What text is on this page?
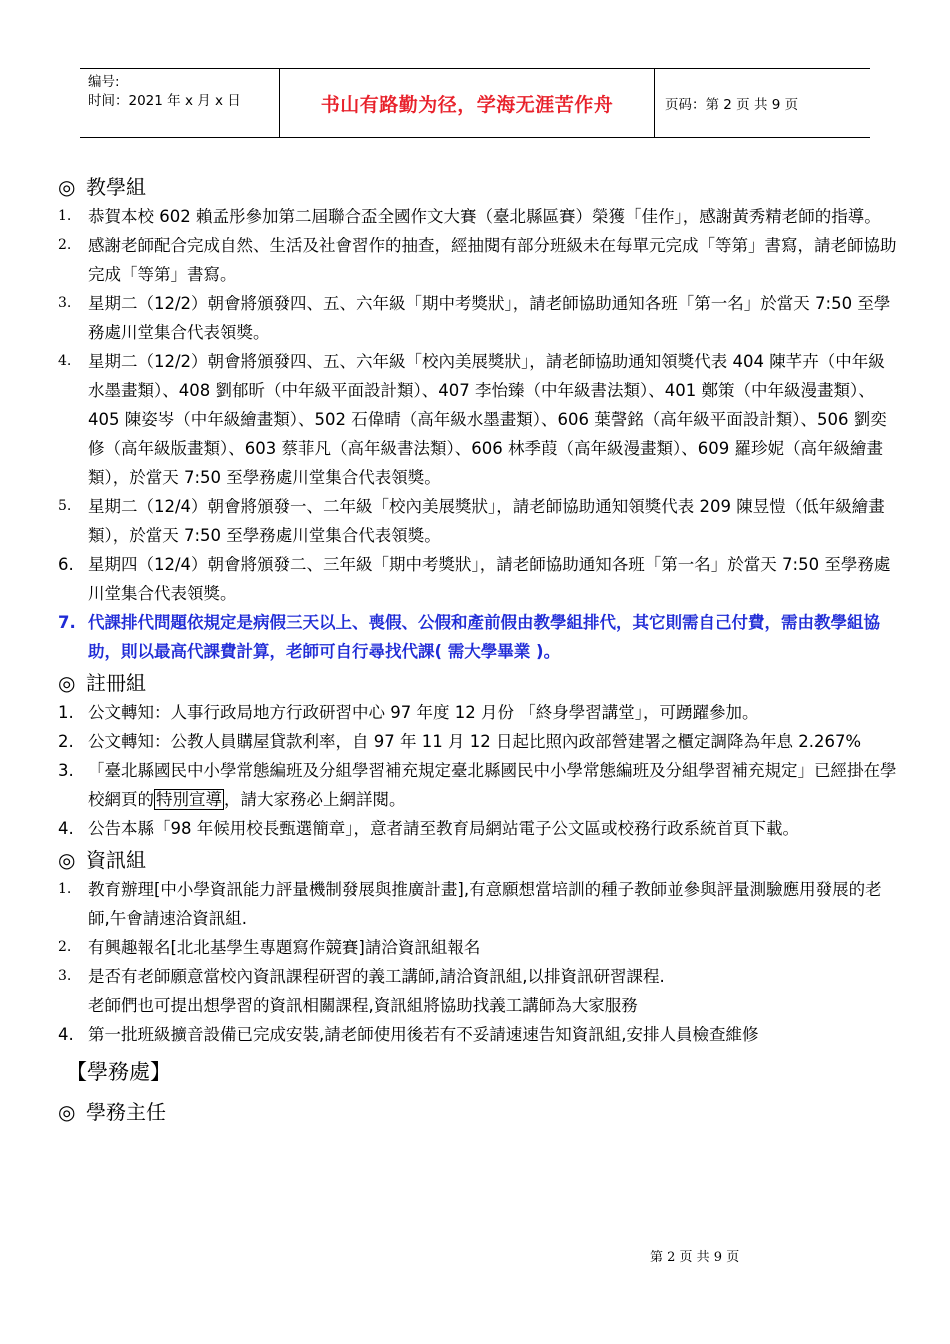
编号:
时间：2021 年 x 月 x 日	书山有路勤为径，学海无涯苦作舟	页码：第 2 页 共 9 页
◎ 教學組
1.	恭賀本校 602 賴孟彤參加第二屆聯合盃全國作文大賽（臺北縣區賽）榮獲「佳作」，感謝黃秀精老師的指導。
2.	感謝老師配合完成自然、生活及社會習作的抽查，經抽閱有部分班級未在每單元完成「等第」書寫，請老師協助完成「等第」書寫。
3.	星期二（12/2）朝會將頒發四、五、六年級「期中考獎狀」，請老師協助通知各班「第一名」於當天 7:50 至學務處川堂集合代表領獎。
4.	星期二（12/2）朝會將頒發四、五、六年級「校內美展獎狀」，請老師協助通知領獎代表 404 陳芊卉（中年級水墨畫類）、408 劉郁昕（中年級平面設計類）、407 李怡臻（中年級書法類）、401 鄭策（中年級漫畫類）、405 陳姿岑（中年級繪畫類）、502 石偉晴（高年級水墨畫類）、606 葉謦銘（高年級平面設計類）、506 劉奕修（高年級版畫類）、603 蔡菲凡（高年級書法類）、606 林季葭（高年級漫畫類）、609 羅珍妮（高年級繪畫類），於當天 7:50 至學務處川堂集合代表領獎。
5.	星期二（12/4）朝會將頒發一、二年級「校內美展獎狀」，請老師協助通知領獎代表 209 陳昱愷（低年級繪畫類），於當天 7:50 至學務處川堂集合代表領獎。
6. 星期四（12/4）朝會將頒發二、三年級「期中考獎狀」，請老師協助通知各班「第一名」於當天 7:50 至學務處川堂集合代表領獎。
7. 代課排代問題依規定是病假三天以上、喪假、公假和產前假由教學組排代，其它則需自己付費，需由教學組協助，則以最高代課費計算，老師可自行尋找代課( 需大學畢業 )。
◎ 註冊組
1. 公文轉知：人事行政局地方行政研習中心 97 年度 12 月份 「終身學習講堂」，可踴躍參加。
2. 公文轉知：公教人員購屋貸款利率，自 97 年 11 月 12 日起比照內政部營建署之櫃定調降為年息 2.267%
3. 「臺北縣國民中小學常態編班及分組學習補充規定臺北縣國民中小學常態編班及分組學習補充規定」已經掛在學校網頁的 特別宣導 ，請大家務必上網詳閱。
4. 公告本縣「98 年候用校長甄選簡章」，意者請至教育局網站電子公文區或校務行政系統首頁下載。
◎ 資訊組
1.	教育辦理[中小學資訊能力評量機制發展與推廣計畫],有意願想當培訓的種子教師並參與評量測驗應用發展的老師,午會請速洽資訊組.
2.	有興趣報名[北北基學生專題寫作競賽]請洽資訊組報名
3.	是否有老師願意當校內資訊課程研習的義工講師,請洽資訊組,以排資訊研習課程.
老師們也可提出想學習的資訊相關課程,資訊組將協助找義工講師為大家服務
4. 第一批班級擴音設備已完成安裝,請老師使用後若有不妥請速速告知資訊組,安排人員檢查維修
【學務處】
◎ 學務主任
第 2 页 共 9 页
